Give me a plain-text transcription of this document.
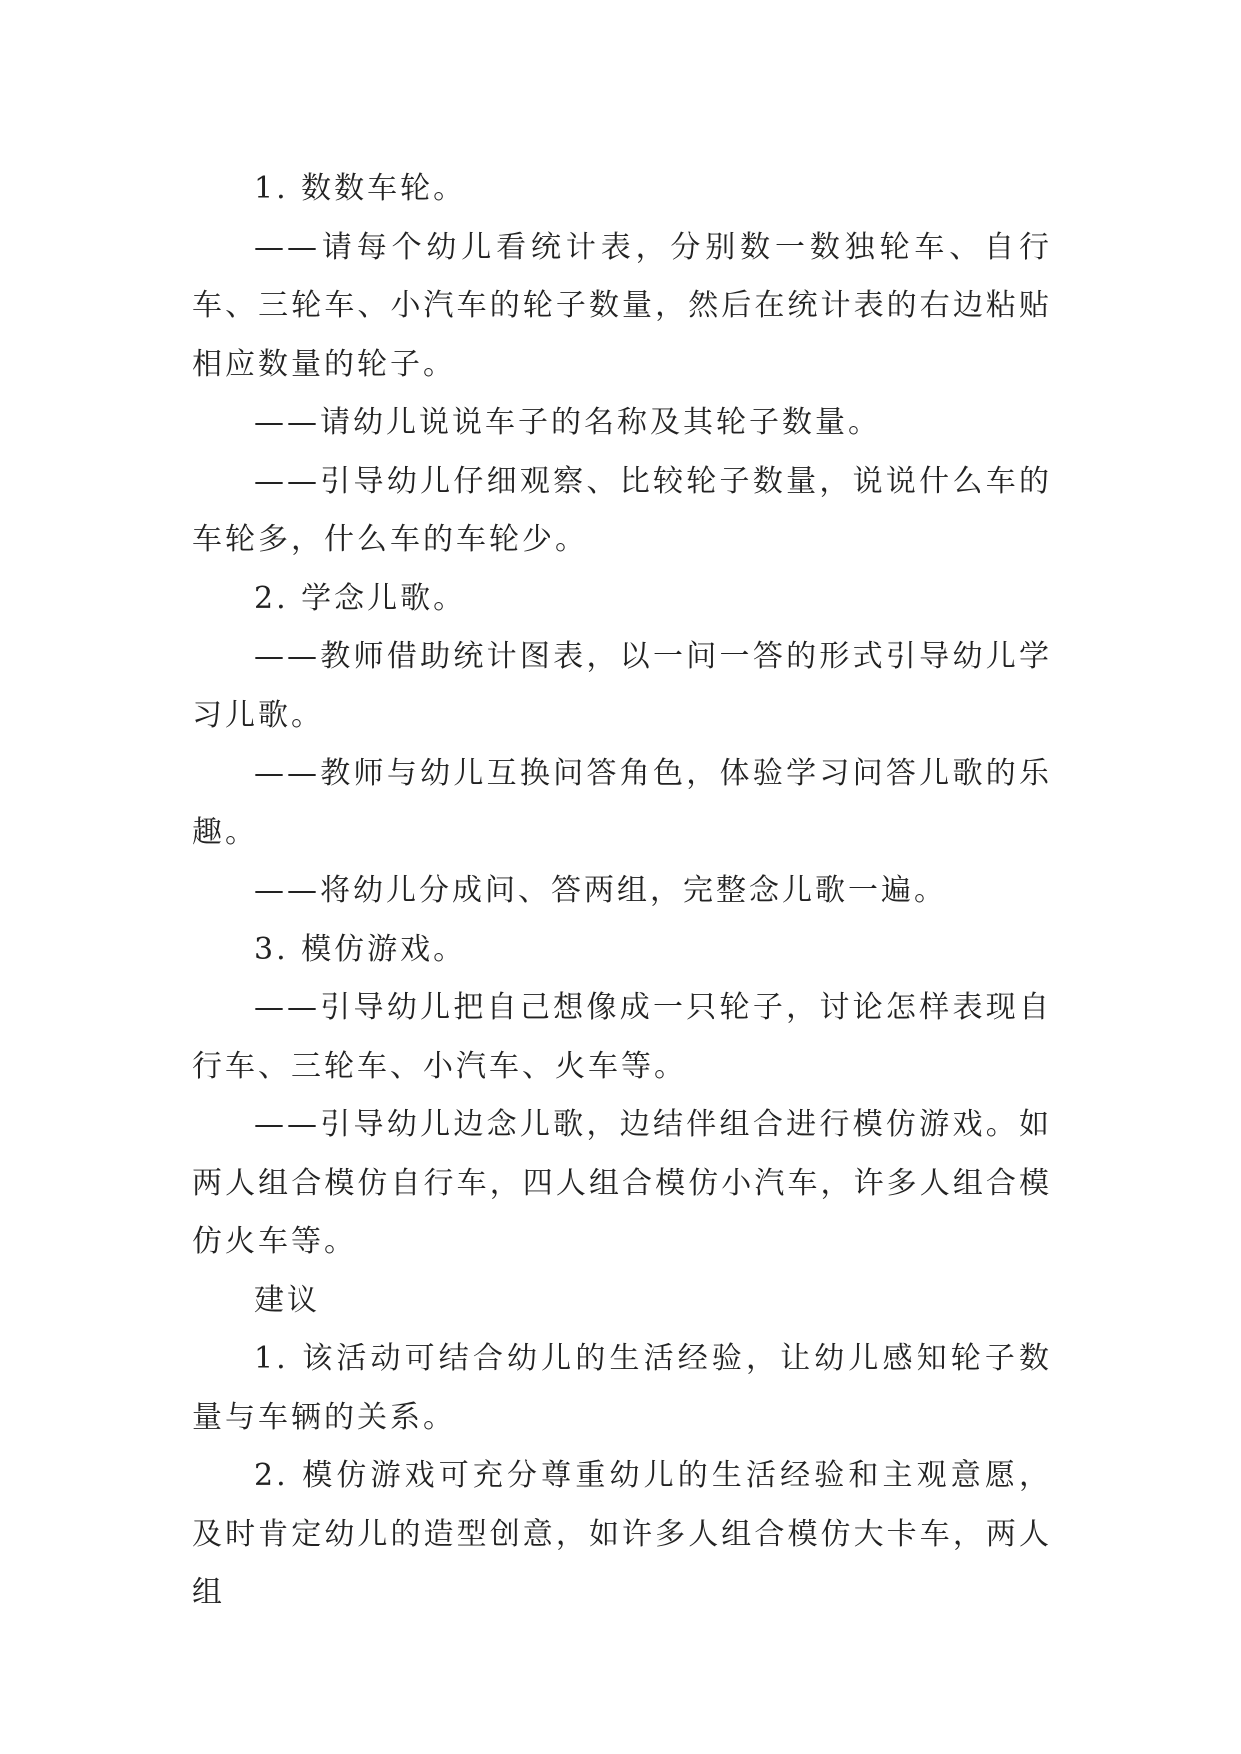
1. 数数车轮。

——请每个幼儿看统计表，分别数一数独轮车、自行车、三轮车、小汽车的轮子数量，然后在统计表的右边粘贴相应数量的轮子。

——请幼儿说说车子的名称及其轮子数量。

——引导幼儿仔细观察、比较轮子数量，说说什么车的车轮多，什么车的车轮少。

2. 学念儿歌。

——教师借助统计图表，以一问一答的形式引导幼儿学习儿歌。

——教师与幼儿互换问答角色，体验学习问答儿歌的乐趣。

——将幼儿分成问、答两组，完整念儿歌一遍。

3. 模仿游戏。

——引导幼儿把自己想像成一只轮子，讨论怎样表现自行车、三轮车、小汽车、火车等。

——引导幼儿边念儿歌，边结伴组合进行模仿游戏。如两人组合模仿自行车，四人组合模仿小汽车，许多人组合模仿火车等。

建议

1. 该活动可结合幼儿的生活经验，让幼儿感知轮子数量与车辆的关系。

2. 模仿游戏可充分尊重幼儿的生活经验和主观意愿，及时肯定幼儿的造型创意，如许多人组合模仿大卡车，两人组
